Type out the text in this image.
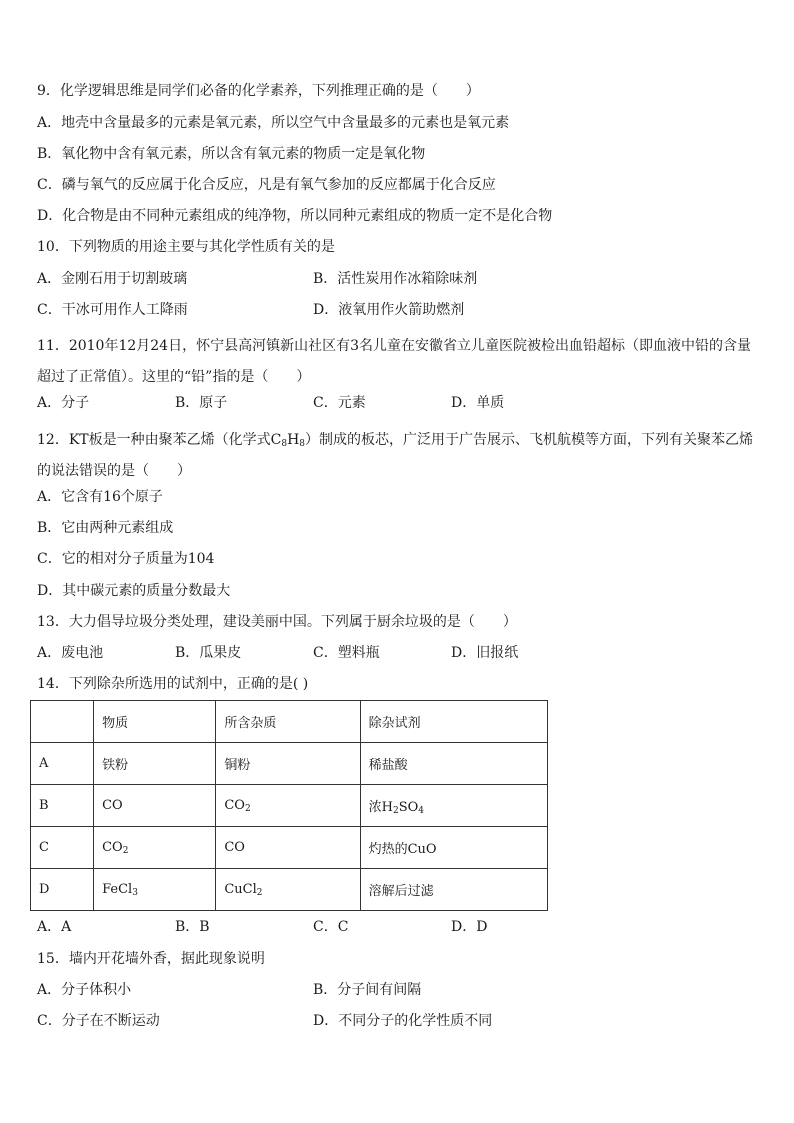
9．化学逻辑思维是同学们必备的化学素养，下列推理正确的是（　　）
A．地壳中含量最多的元素是氧元素，所以空气中含量最多的元素也是氧元素
B．氧化物中含有氧元素，所以含有氧元素的物质一定是氧化物
C．磷与氧气的反应属于化合反应，凡是有氧气参加的反应都属于化合反应
D．化合物是由不同种元素组成的纯净物，所以同种元素组成的物质一定不是化合物
10．下列物质的用途主要与其化学性质有关的是
A．金刚石用于切割玻璃	B．活性炭用作冰箱除味剂
C．干冰可用作人工降雨	D．液氧用作火箭助燃剂
11．2010年12月24日，怀宁县高河镇新山社区有3名儿童在安徽省立儿童医院被检出血铅超标（即血液中铅的含量超过了正常值）。这里的“铅”指的是（　　）
A．分子	B．原子	C．元素	D．单质
12．KT板是一种由聚苯乙烯（化学式$C_8H_8$）制成的板芯，广泛用于广告展示、飞机航模等方面，下列有关聚苯乙烯的说法错误的是（　　）
A．它含有16个原子
B．它由两种元素组成
C．它的相对分子质量为104
D．其中碳元素的质量分数最大
13．大力倡导垃圾分类处理，建设美丽中国。下列属于厨余垃圾的是（　　）
A．废电池	B．瓜果皮	C．塑料瓶	D．旧报纸
14．下列除杂所选用的试剂中，正确的是( )
	物质	所含杂质	除杂试剂
A	铁粉	铜粉	稀盐酸
B	CO	$CO_2$	浓$H_2SO_4$
C	$CO_2$	CO	灼热的CuO
D	FeCl$_3$	CuCl$_2$	溶解后过滤
A．A	B．B	C．C	D．D
15．墙内开花墙外香，据此现象说明
A．分子体积小	B．分子间有间隔
C．分子在不断运动	D．不同分子的化学性质不同
